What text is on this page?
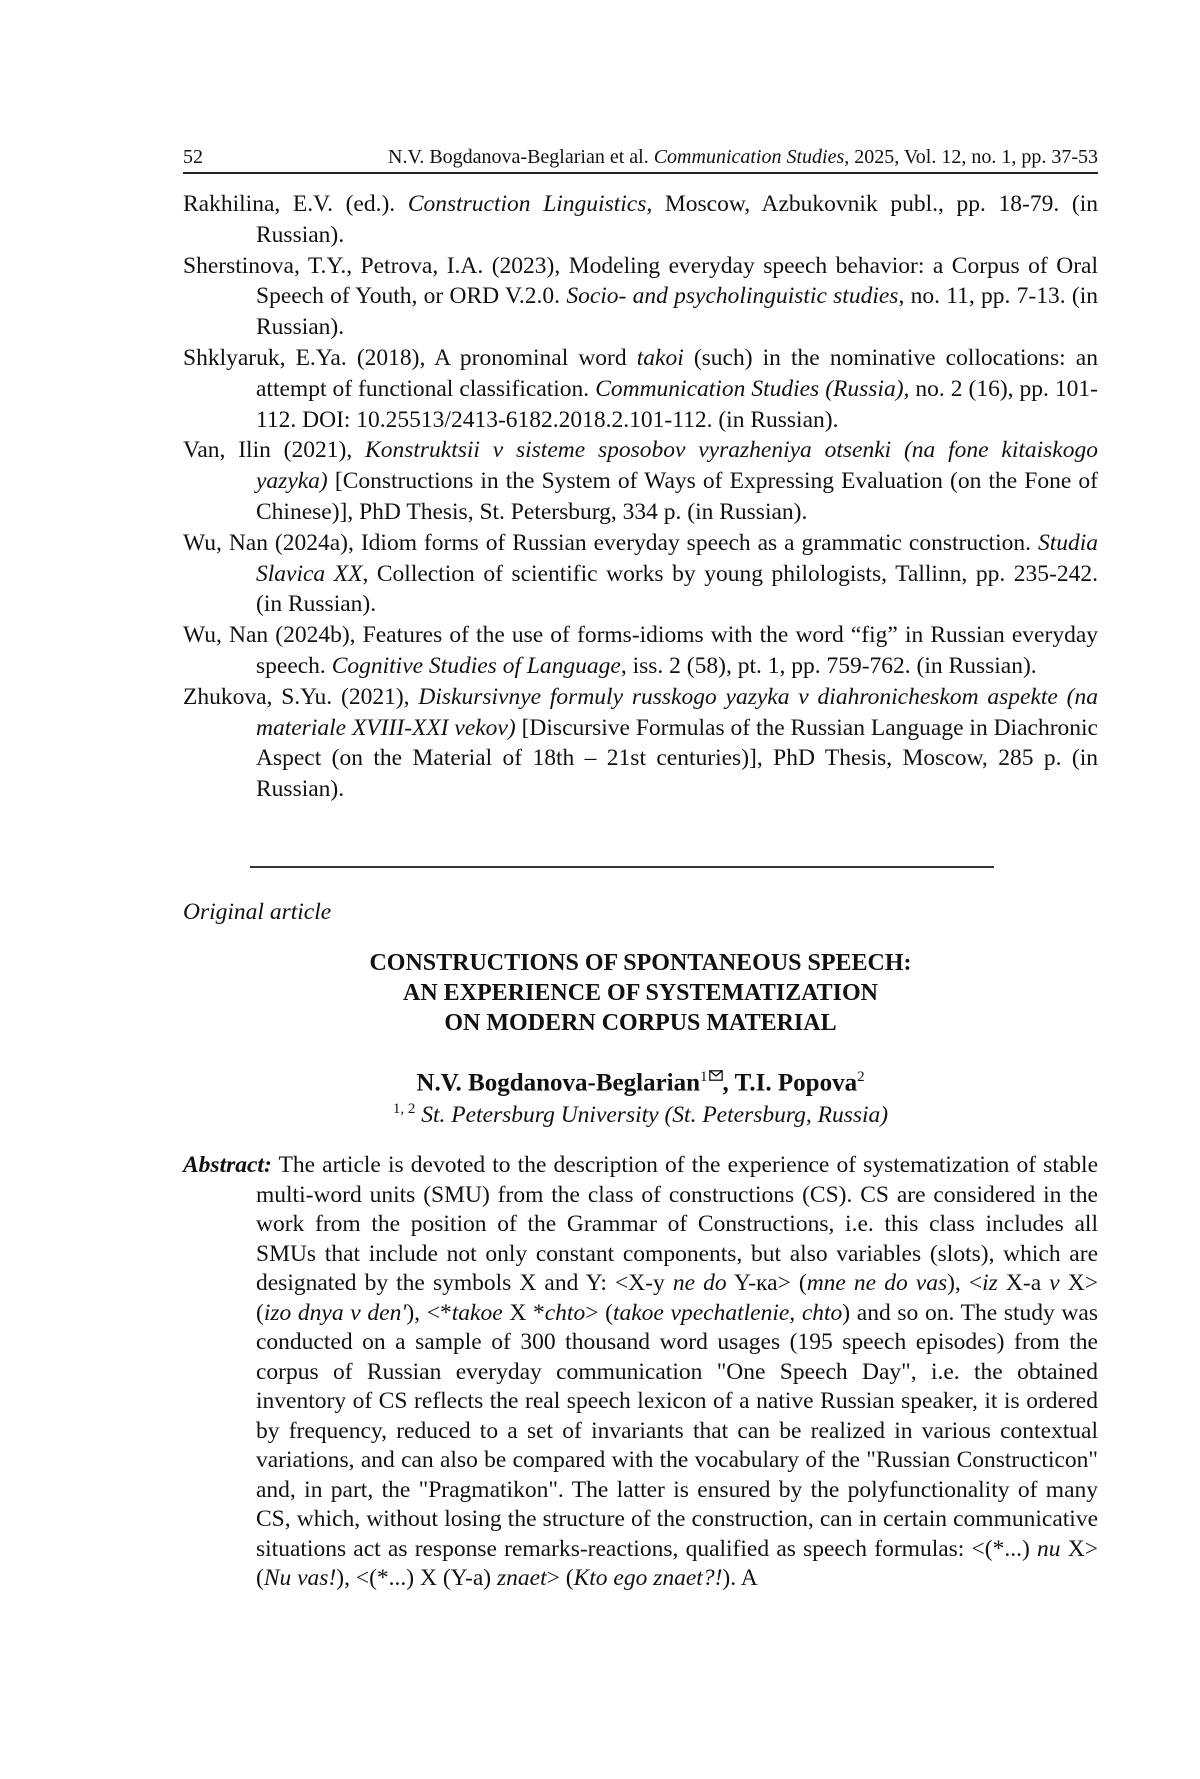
52	N.V. Bogdanova-Beglarian et al. Communication Studies, 2025, Vol. 12, no. 1, pp. 37-53
Rakhilina, E.V. (ed.). Construction Linguistics, Moscow, Azbukovnik publ., pp. 18-79. (in Russian).
Sherstinova, T.Y., Petrova, I.A. (2023), Modeling everyday speech behavior: a Corpus of Oral Speech of Youth, or ORD V.2.0. Socio- and psycholinguistic studies, no. 11, pp. 7-13. (in Russian).
Shklyaruk, E.Ya. (2018), A pronominal word takoi (such) in the nominative collocations: an attempt of functional classification. Communication Studies (Russia), no. 2 (16), pp. 101-112. DOI: 10.25513/2413-6182.2018.2.101-112. (in Russian).
Van, Ilin (2021), Konstruktsii v sisteme sposobov vyrazheniya otsenki (na fone kitaiskogo yazyka) [Constructions in the System of Ways of Expressing Evaluation (on the Fone of Chinese)], PhD Thesis, St. Petersburg, 334 p. (in Russian).
Wu, Nan (2024a), Idiom forms of Russian everyday speech as a grammatic construction. Studia Slavica XX, Collection of scientific works by young philologists, Tallinn, pp. 235-242. (in Russian).
Wu, Nan (2024b), Features of the use of forms-idioms with the word “fig” in Russian everyday speech. Cognitive Studies of Language, iss. 2 (58), pt. 1, pp. 759-762. (in Russian).
Zhukova, S.Yu. (2021), Diskursivnye formuly russkogo yazyka v diahronicheskom aspekte (na materiale XVIII-XXI vekov) [Discursive Formulas of the Russian Language in Diachronic Aspect (on the Material of 18th – 21st centuries)], PhD Thesis, Moscow, 285 p. (in Russian).
Original article
CONSTRUCTIONS OF SPONTANEOUS SPEECH:
AN EXPERIENCE OF SYSTEMATIZATION
ON MODERN CORPUS MATERIAL
N.V. Bogdanova-Beglarian$^1$ , T.I. Popova$^2$
$^{1, 2}$ St. Petersburg University (St. Petersburg, Russia)
Abstract: The article is devoted to the description of the experience of systematization of stable multi-word units (SMU) from the class of constructions (CS). CS are considered in the work from the position of the Grammar of Constructions, i.e. this class includes all SMUs that include not only constant components, but also variables (slots), which are designated by the symbols X and Y: <X-y ne do Y-ка> (mne ne do vas), <iz X-a v X> (izo dnya v den'), <*takoe X *chto> (takoe vpechatlenie, chto) and so on. The study was conducted on a sample of 300 thousand word usages (195 speech episodes) from the corpus of Russian everyday communication "One Speech Day", i.e. the obtained inventory of CS reflects the real speech lexicon of a native Russian speaker, it is ordered by frequency, reduced to a set of invariants that can be realized in various contextual variations, and can also be compared with the vocabulary of the "Russian Constructicon" and, in part, the "Pragmatikon". The latter is ensured by the polyfunctionality of many CS, which, without losing the structure of the construction, can in certain communicative situations act as response remarks-reactions, qualified as speech formulas: <(*...) nu X> (Nu vas!), <(*...) X (Y-a) znaet> (Kto ego znaet?!). A
